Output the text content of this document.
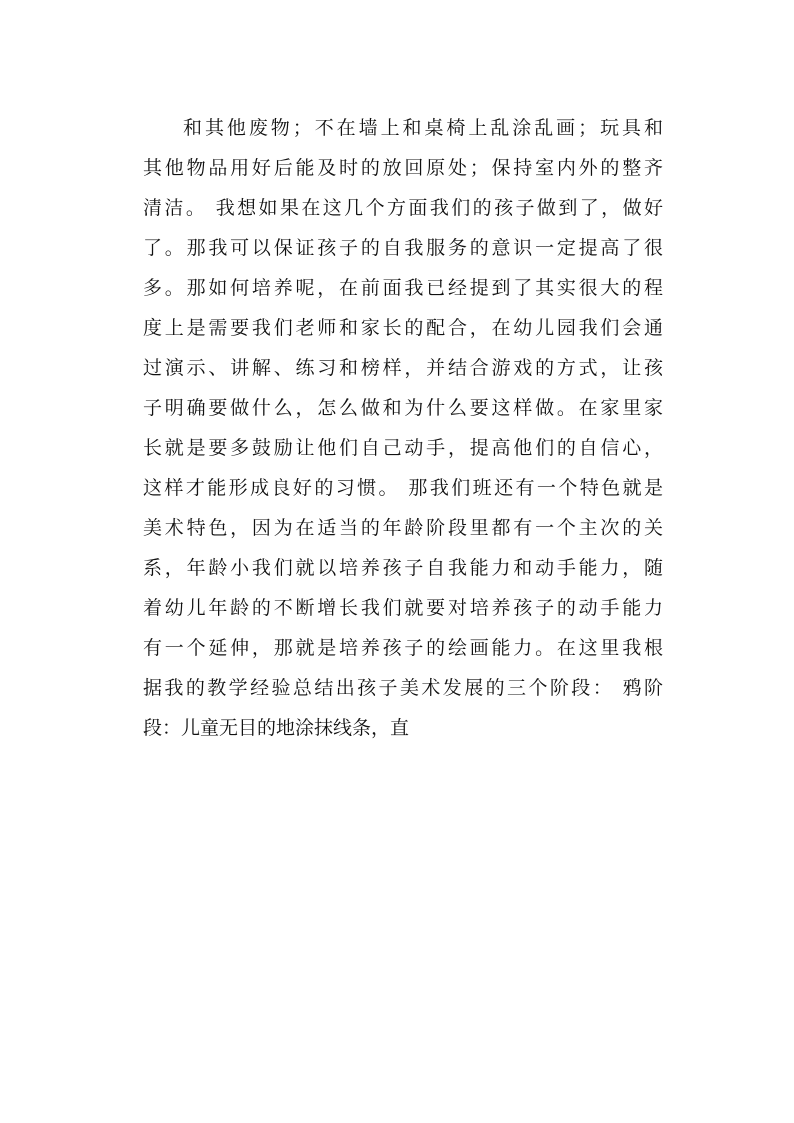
和其他废物；不在墙上和桌椅上乱涂乱画；玩具和
其他物品用好后能及时的放回原处；保持室内外的整齐
清洁。 我想如果在这几个方面我们的孩子做到了，做好
了。那我可以保证孩子的自我服务的意识一定提高了很
多。那如何培养呢，在前面我已经提到了其实很大的程
度上是需要我们老师和家长的配合，在幼儿园我们会通
过演示、讲解、练习和榜样，并结合游戏的方式，让孩
子明确要做什么，怎么做和为什么要这样做。在家里家
长就是要多鼓励让他们自己动手，提高他们的自信心，
这样才能形成良好的习惯。 那我们班还有一个特色就是
美术特色，因为在适当的年龄阶段里都有一个主次的关
系，年龄小我们就以培养孩子自我能力和动手能力，随
着幼儿年龄的不断增长我们就要对培养孩子的动手能力
有一个延伸，那就是培养孩子的绘画能力。在这里我根
据我的教学经验总结出孩子美术发展的三个阶段： 鸦阶
段：儿童无目的地涂抹线条，直
